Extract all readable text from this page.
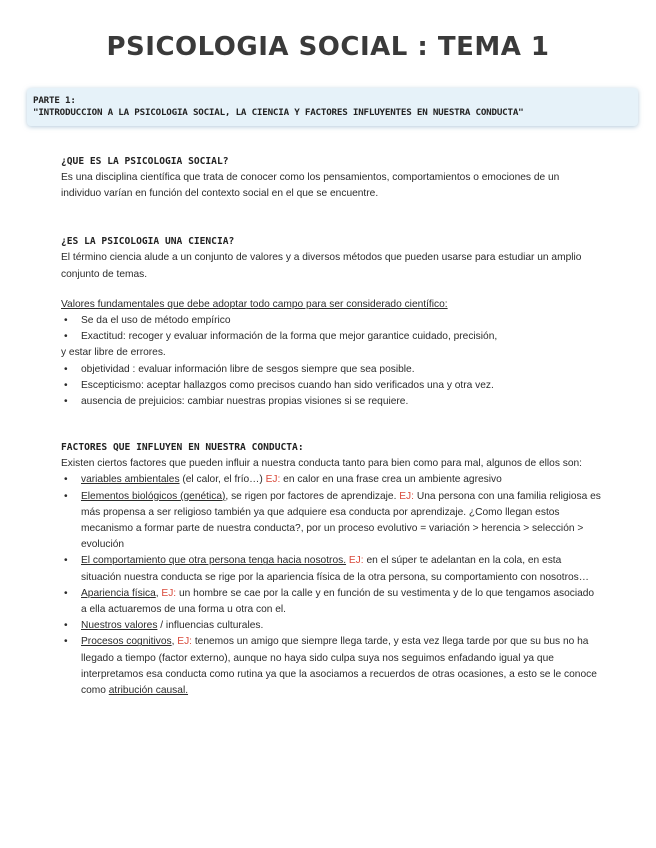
PSICOLOGIA SOCIAL : TEMA 1
PARTE 1:
"INTRODUCCION A LA PSICOLOGIA SOCIAL, LA CIENCIA Y FACTORES INFLUYENTES EN NUESTRA CONDUCTA"
¿QUE ES LA PSICOLOGIA SOCIAL?

Es una disciplina científica que trata de conocer como los pensamientos, comportamientos o emociones de un individuo varían en función del contexto social en el que se encuentre.

¿ES LA PSICOLOGIA UNA CIENCIA?

El término ciencia alude a un conjunto de valores y a diversos métodos que pueden usarse para estudiar un amplio conjunto de temas.

Valores fundamentales que debe adoptar todo campo para ser considerado científico:

• Se da el uso de método empírico
• Exactitud: recoger y evaluar información de la forma que mejor garantice cuidado, precisión,
y estar libre de errores.
• objetividad : evaluar información libre de sesgos siempre que sea posible.
• Escepticismo: aceptar hallazgos como precisos cuando han sido verificados una y otra vez.
• ausencia de prejuicios: cambiar nuestras propias visiones si se requiere.
FACTORES QUE INFLUYEN EN NUESTRA CONDUCTA:

Existen ciertos factores que pueden influir a nuestra conducta tanto para bien como para mal, algunos de ellos son:

• variables ambientales (el calor, el frío…) EJ: en calor en una frase crea un ambiente agresivo
• Elementos biológicos (genética), se rigen por factores de aprendizaje. EJ: Una persona con una familia religiosa es más propensa a ser religioso también ya que adquiere esa conducta por aprendizaje. ¿Como llegan estos mecanismo a formar parte de nuestra conducta?, por un proceso evolutivo = variación > herencia > selección > evolución
• El comportamiento que otra persona tenga hacia nosotros. EJ: en el súper te adelantan en la cola, en esta situación nuestra conducta se rige por la apariencia física de la otra persona, su comportamiento con nosotros…
• Apariencia física, EJ: un hombre se cae por la calle y en función de su vestimenta y de lo que tengamos asociado a ella actuaremos de una forma u otra con el.
• Nuestros valores / influencias culturales.
• Procesos cognitivos, EJ: tenemos un amigo que siempre llega tarde, y esta vez llega tarde por que su bus no ha llegado a tiempo (factor externo), aunque no haya sido culpa suya nos seguimos enfadando igual ya que interpretamos esa conducta como rutina ya que la asociamos a recuerdos de otras ocasiones, a esto se le conoce como atribución causal.
